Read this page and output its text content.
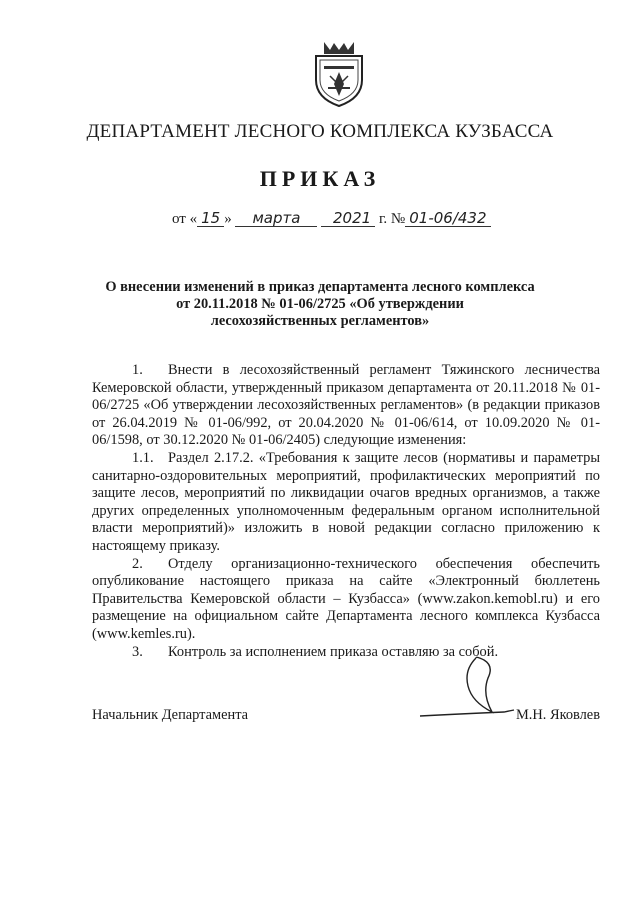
ДЕПАРТАМЕНТ ЛЕСНОГО КОМПЛЕКСА КУЗБАССА
ПРИКАЗ
от « 15 » марта 2021 г. № 01-06/432
О внесении изменений в приказ департамента лесного комплекса
от 20.11.2018 № 01-06/2725 «Об утверждении
лесохозяйственных регламентов»

1. Внести в лесохозяйственный регламент Тяжинского лесничества Кемеровской области, утвержденный приказом департамента от 20.11.2018 № 01-06/2725 «Об утверждении лесохозяйственных регламентов» (в редакции приказов от 26.04.2019 № 01-06/992, от 20.04.2020 № 01-06/614, от 10.09.2020 № 01-06/1598, от 30.12.2020 № 01-06/2405) следующие изменения:

1.1. Раздел 2.17.2. «Требования к защите лесов (нормативы и параметры санитарно-оздоровительных мероприятий, профилактических мероприятий по защите лесов, мероприятий по ликвидации очагов вредных организмов, а также других определенных уполномоченным федеральным органом исполнительной власти мероприятий)» изложить в новой редакции согласно приложению к настоящему приказу.

2. Отделу организационно-технического обеспечения обеспечить опубликование настоящего приказа на сайте «Электронный бюллетень Правительства Кемеровской области – Кузбасса» (www.zakon.kemobl.ru) и его размещение на официальном сайте Департамента лесного комплекса Кузбасса (www.kemles.ru).

3. Контроль за исполнением приказа оставляю за собой.

Начальник Департамента	М.Н. Яковлев
